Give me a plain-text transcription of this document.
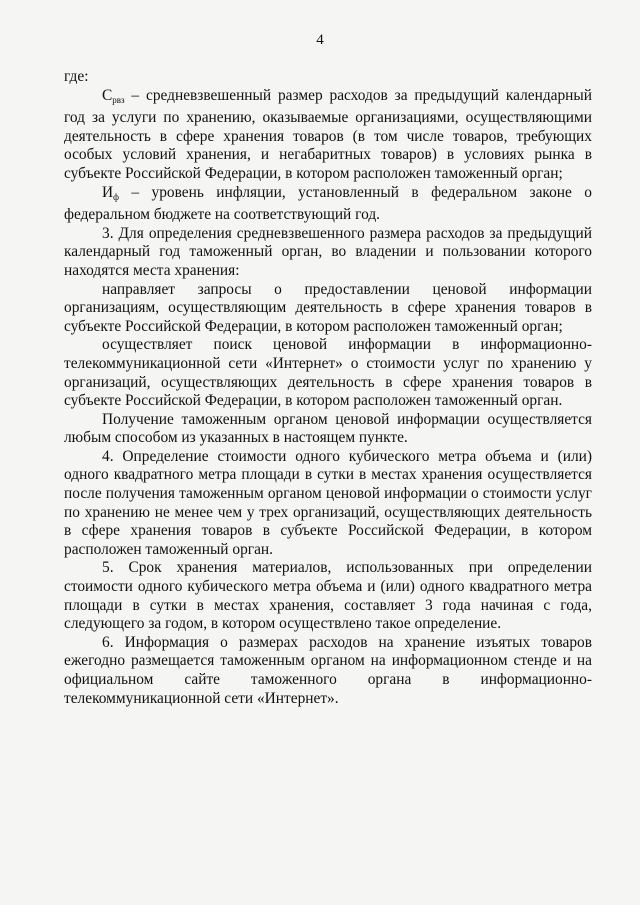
4

где:

$С_{рвз}$ – средневзвешенный размер расходов за предыдущий календарный год за услуги по хранению, оказываемые организациями, осуществляющими деятельность в сфере хранения товаров (в том числе товаров, требующих особых условий хранения, и негабаритных товаров) в условиях рынка в субъекте Российской Федерации, в котором расположен таможенный орган;

$И_ф$ – уровень инфляции, установленный в федеральном законе о федеральном бюджете на соответствующий год.

3. Для определения средневзвешенного размера расходов за предыдущий календарный год таможенный орган, во владении и пользовании которого находятся места хранения:

направляет запросы о предоставлении ценовой информации организациям, осуществляющим деятельность в сфере хранения товаров в субъекте Российской Федерации, в котором расположен таможенный орган;

осуществляет поиск ценовой информации в информационно-телекоммуникационной сети «Интернет» о стоимости услуг по хранению у организаций, осуществляющих деятельность в сфере хранения товаров в субъекте Российской Федерации, в котором расположен таможенный орган.

Получение таможенным органом ценовой информации осуществляется любым способом из указанных в настоящем пункте.

4. Определение стоимости одного кубического метра объема и (или) одного квадратного метра площади в сутки в местах хранения осуществляется после получения таможенным органом ценовой информации о стоимости услуг по хранению не менее чем у трех организаций, осуществляющих деятельность в сфере хранения товаров в субъекте Российской Федерации, в котором расположен таможенный орган.

5. Срок хранения материалов, использованных при определении стоимости одного кубического метра объема и (или) одного квадратного метра площади в сутки в местах хранения, составляет 3 года начиная с года, следующего за годом, в котором осуществлено такое определение.

6. Информация о размерах расходов на хранение изъятых товаров ежегодно размещается таможенным органом на информационном стенде и на официальном сайте таможенного органа в информационно-телекоммуникационной сети «Интернет».
